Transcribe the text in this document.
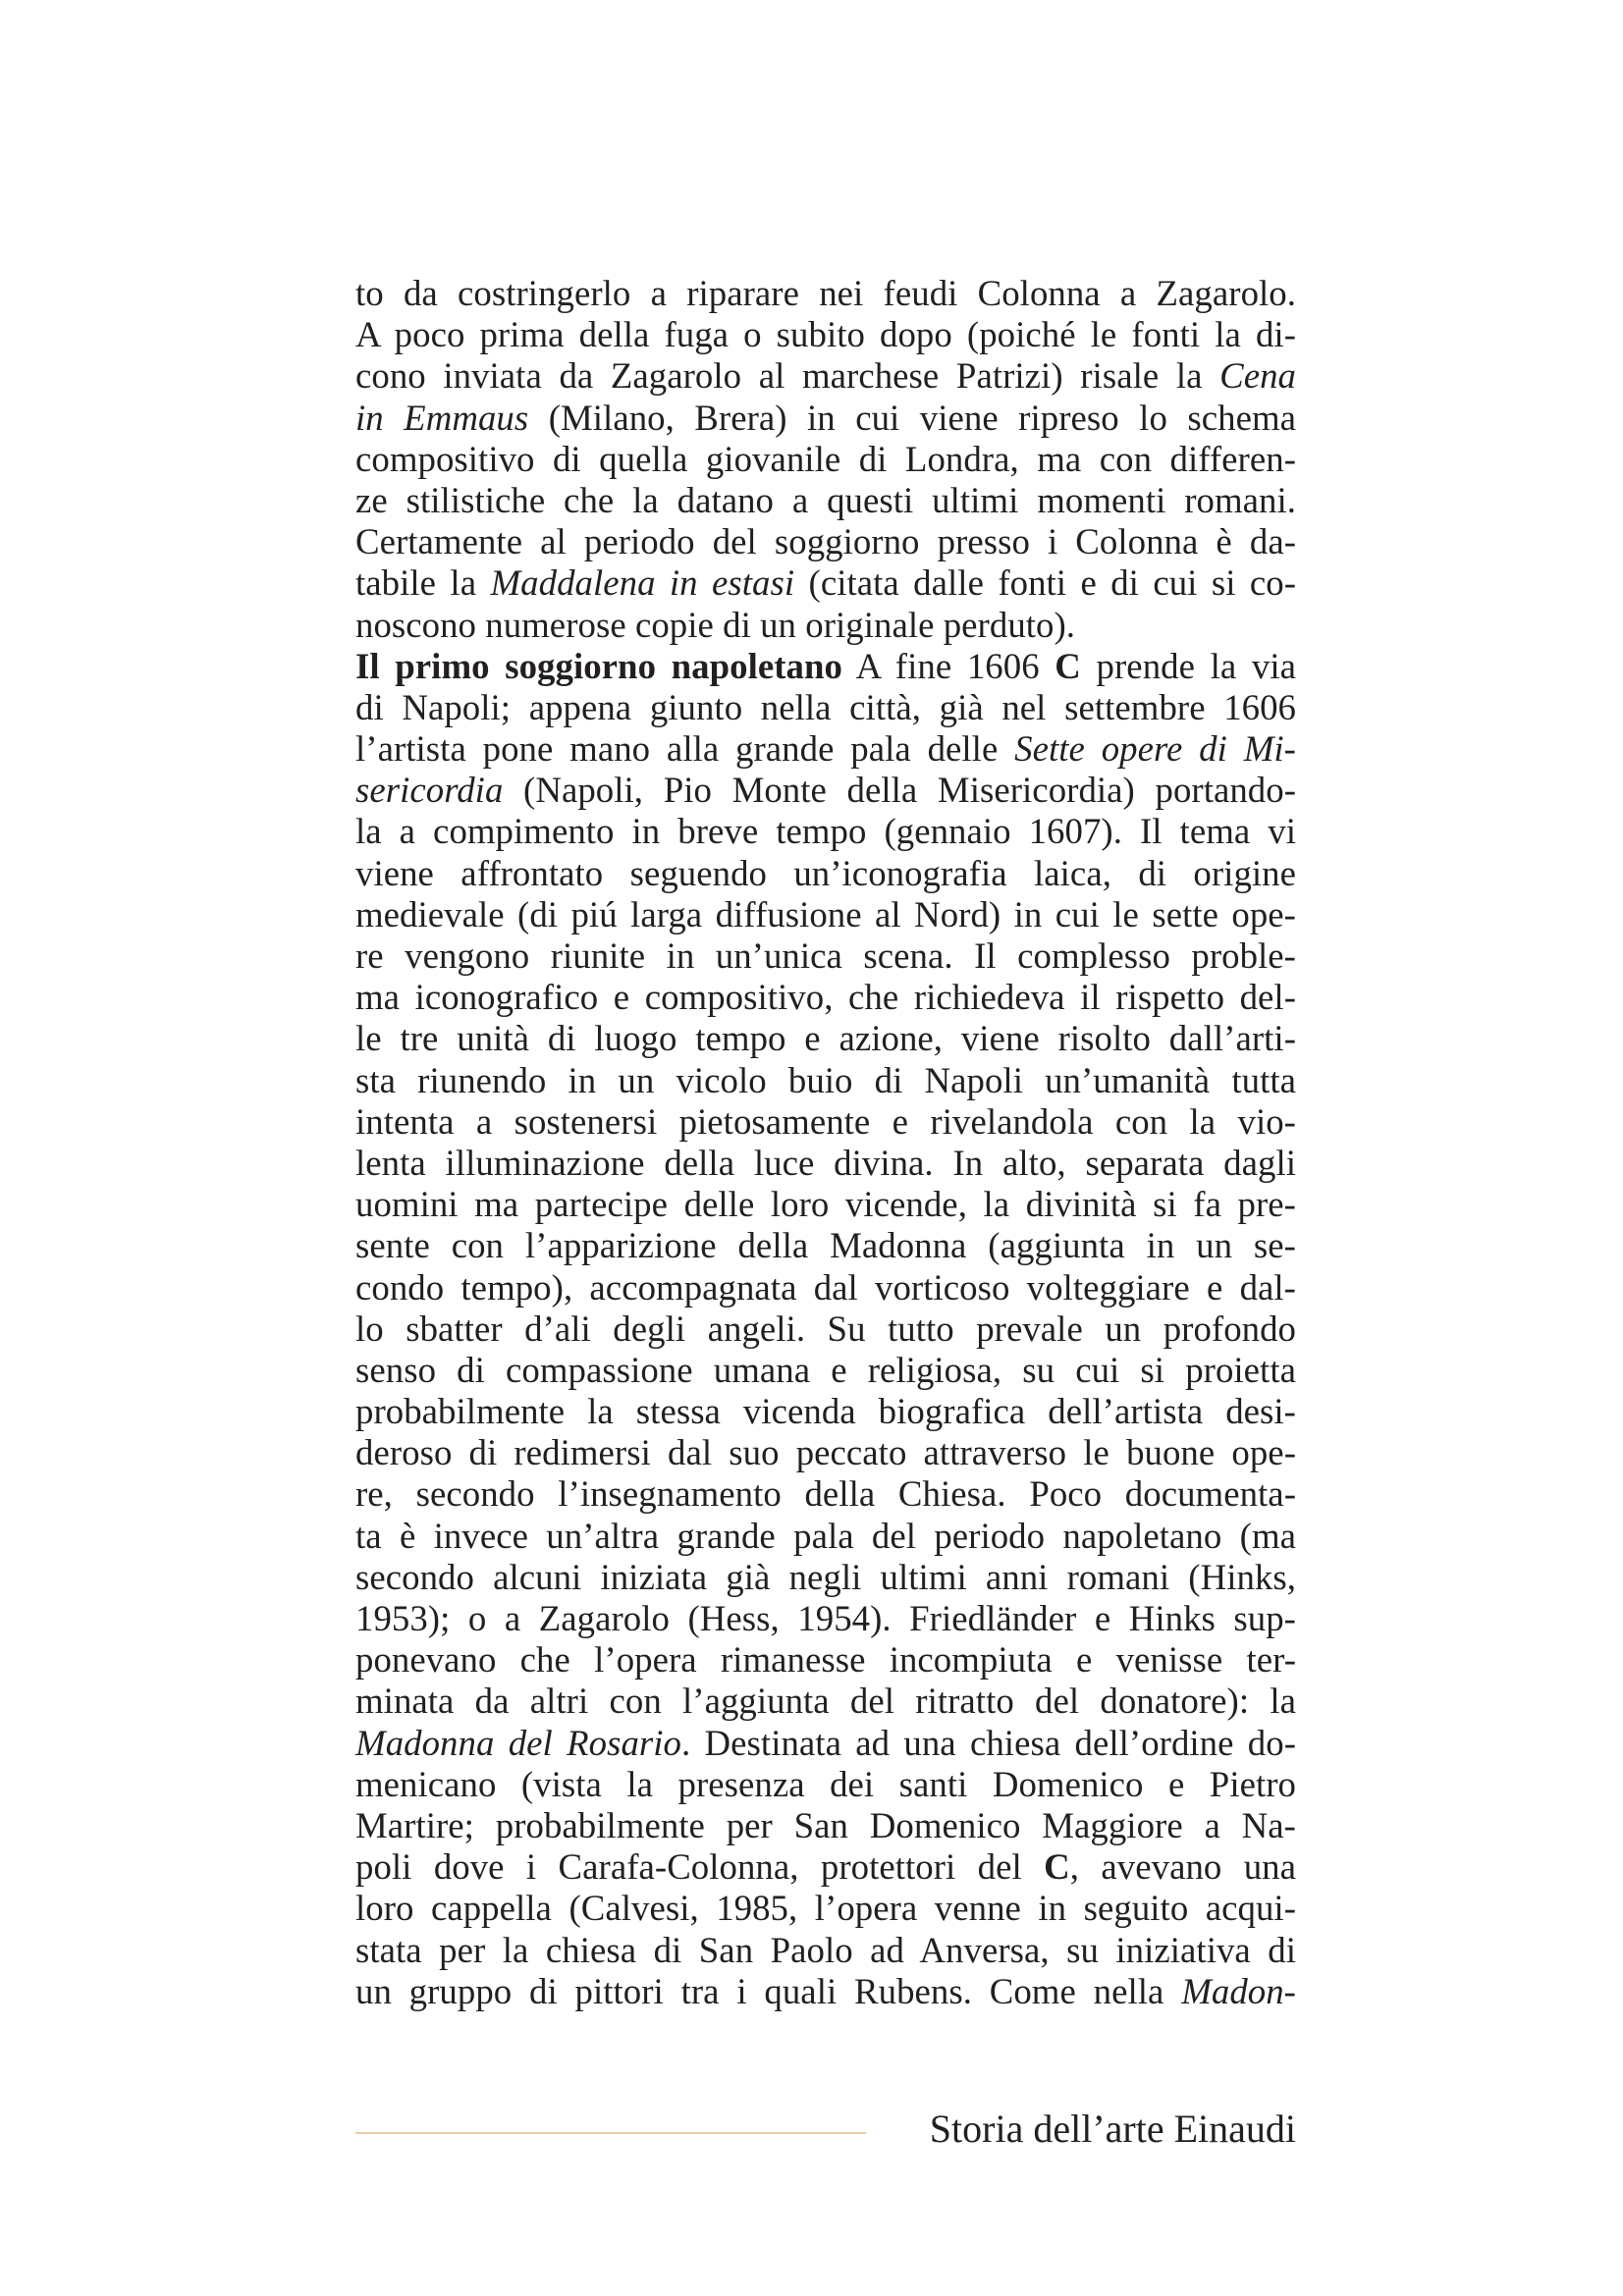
to da costringerlo a riparare nei feudi Colonna a Zagarolo.
A poco prima della fuga o subito dopo (poiché le fonti la di-
cono inviata da Zagarolo al marchese Patrizi) risale la Cena
in Emmaus (Milano, Brera) in cui viene ripreso lo schema
compositivo di quella giovanile di Londra, ma con differen-
ze stilistiche che la datano a questi ultimi momenti romani.
Certamente al periodo del soggiorno presso i Colonna è da-
tabile la Maddalena in estasi (citata dalle fonti e di cui si co-
noscono numerose copie di un originale perduto).
Il primo soggiorno napoletano A fine 1606 C prende la via
di Napoli; appena giunto nella città, già nel settembre 1606
l’artista pone mano alla grande pala delle Sette opere di Mi-
sericordia (Napoli, Pio Monte della Misericordia) portando-
la a compimento in breve tempo (gennaio 1607). Il tema vi
viene affrontato seguendo un’iconografia laica, di origine
medievale (di piú larga diffusione al Nord) in cui le sette ope-
re vengono riunite in un’unica scena. Il complesso proble-
ma iconografico e compositivo, che richiedeva il rispetto del-
le tre unità di luogo tempo e azione, viene risolto dall’arti-
sta riunendo in un vicolo buio di Napoli un’umanità tutta
intenta a sostenersi pietosamente e rivelandola con la vio-
lenta illuminazione della luce divina. In alto, separata dagli
uomini ma partecipe delle loro vicende, la divinità si fa pre-
sente con l’apparizione della Madonna (aggiunta in un se-
condo tempo), accompagnata dal vorticoso volteggiare e dal-
lo sbatter d’ali degli angeli. Su tutto prevale un profondo
senso di compassione umana e religiosa, su cui si proietta
probabilmente la stessa vicenda biografica dell’artista desi-
deroso di redimersi dal suo peccato attraverso le buone ope-
re, secondo l’insegnamento della Chiesa. Poco documenta-
ta è invece un’altra grande pala del periodo napoletano (ma
secondo alcuni iniziata già negli ultimi anni romani (Hinks,
1953); o a Zagarolo (Hess, 1954). Friedländer e Hinks sup-
ponevano che l’opera rimanesse incompiuta e venisse ter-
minata da altri con l’aggiunta del ritratto del donatore): la
Madonna del Rosario. Destinata ad una chiesa dell’ordine do-
menicano (vista la presenza dei santi Domenico e Pietro
Martire; probabilmente per San Domenico Maggiore a Na-
poli dove i Carafa-Colonna, protettori del C, avevano una
loro cappella (Calvesi, 1985, l’opera venne in seguito acqui-
stata per la chiesa di San Paolo ad Anversa, su iniziativa di
un gruppo di pittori tra i quali Rubens. Come nella Madon-
Storia dell’arte Einaudi
